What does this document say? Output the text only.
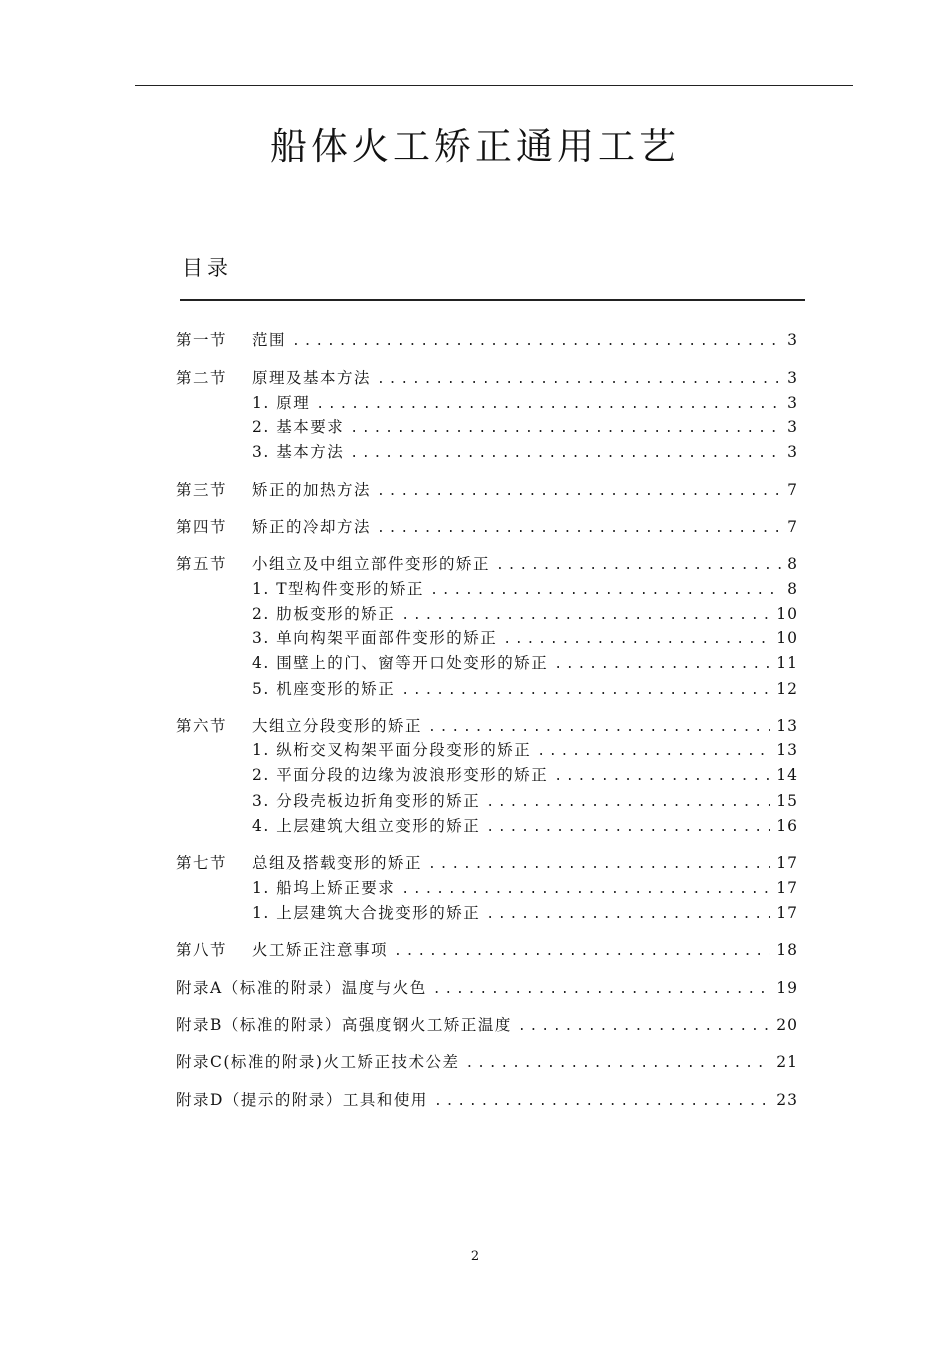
船体火工矫正通用工艺
目录
第一节	范围 . . .	3
第二节	原理及基本方法 . . .	3
1. 原理 . . .	3
2. 基本要求 . . .	3
3. 基本方法 . . .	3
第三节	矫正的加热方法 . . .	7
第四节	矫正的冷却方法 . . .	7
第五节	小组立及中组立部件变形的矫正 . . .	8
1. T型构件变形的矫正 . . .	8
2. 肋板变形的矫正 . . .	10
3. 单向构架平面部件变形的矫正 . . .	10
4. 围壁上的门、窗等开口处变形的矫正 . . .	11
5. 机座变形的矫正 . . .	12
第六节	大组立分段变形的矫正 . . .	13
1. 纵桁交叉构架平面分段变形的矫正 . . .	13
2. 平面分段的边缘为波浪形变形的矫正 . . .	14
3. 分段壳板边折角变形的矫正 . . .	15
4. 上层建筑大组立变形的矫正 . . .	16
第七节	总组及搭载变形的矫正 . . .	17
1. 船坞上矫正要求 . . .	17
1. 上层建筑大合拢变形的矫正 . . .	17
第八节	火工矫正注意事项 . . .	18
附录A（标准的附录）温度与火色 . . .	19
附录B（标准的附录）高强度钢火工矫正温度 . . .	20
附录C(标准的附录)火工矫正技术公差 . . .	21
附录D（提示的附录）工具和使用 . . .	23
2
